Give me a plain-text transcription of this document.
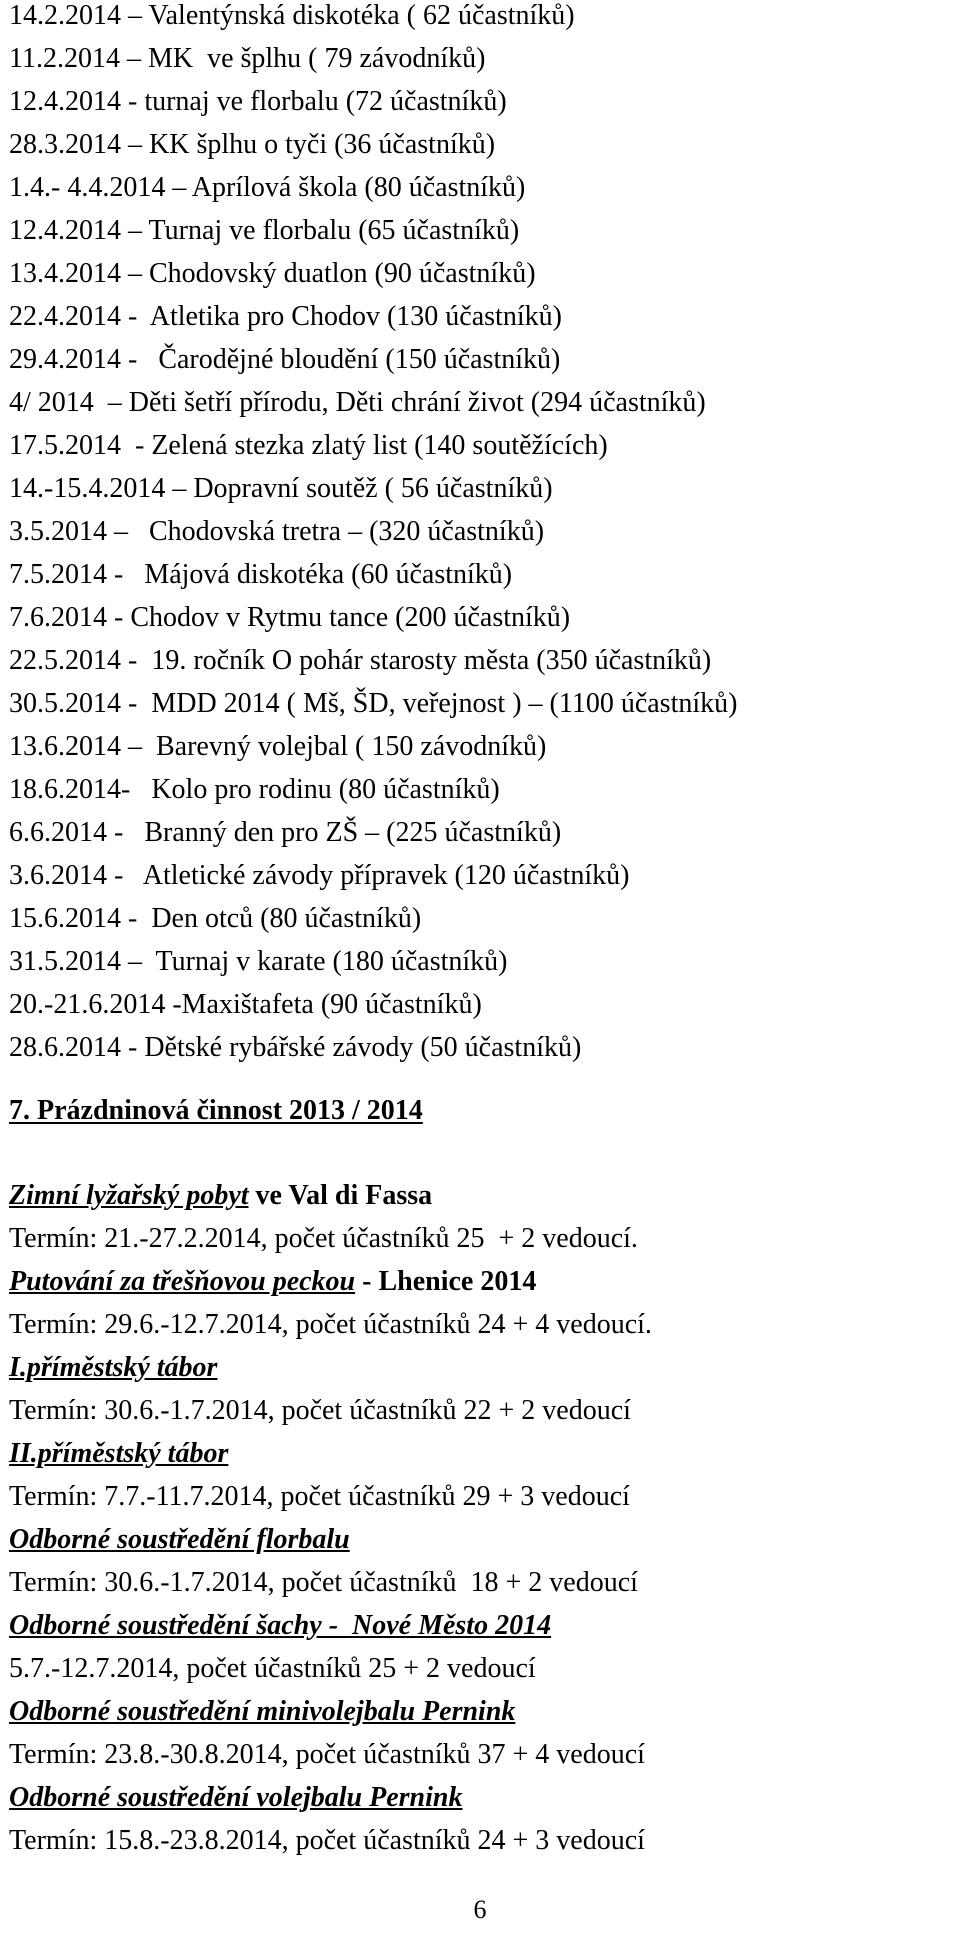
14.2.2014 – Valentýnská diskotéka ( 62 účastníků)
11.2.2014 – MK  ve šplhu ( 79 závodníků)
12.4.2014 - turnaj ve florbalu (72 účastníků)
28.3.2014 – KK šplhu o tyči (36 účastníků)
1.4.- 4.4.2014 – Aprílová škola (80 účastníků)
12.4.2014 – Turnaj ve florbalu (65 účastníků)
13.4.2014 – Chodovský duatlon (90 účastníků)
22.4.2014 -  Atletika pro Chodov (130 účastníků)
29.4.2014 -   Čarodějné bloudění (150 účastníků)
4/ 2014  – Děti šetří přírodu, Děti chrání život (294 účastníků)
17.5.2014  - Zelená stezka zlatý list (140 soutěžících)
14.-15.4.2014 – Dopravní soutěž ( 56 účastníků)
3.5.2014 –   Chodovská tretra – (320 účastníků)
7.5.2014 -   Májová diskotéka (60 účastníků)
7.6.2014 - Chodov v Rytmu tance (200 účastníků)
22.5.2014 -  19. ročník O pohár starosty města (350 účastníků)
30.5.2014 -  MDD 2014 ( Mš, ŠD, veřejnost ) – (1100 účastníků)
13.6.2014 –  Barevný volejbal ( 150 závodníků)
18.6.2014-   Kolo pro rodinu (80 účastníků)
6.6.2014 -   Branný den pro ZŠ – (225 účastníků)
3.6.2014 -   Atletické závody přípravek (120 účastníků)
15.6.2014 -  Den otců (80 účastníků)
31.5.2014 –  Turnaj v karate (180 účastníků)
20.-21.6.2014 -Maxištafeta (90 účastníků)
28.6.2014 - Dětské rybářské závody (50 účastníků)
7. Prázdninová činnost 2013 / 2014
Zimní lyžařský pobyt ve Val di Fassa
Termín: 21.-27.2.2014, počet účastníků 25  + 2 vedoucí.
Putování za třešňovou peckou - Lhenice 2014
Termín: 29.6.-12.7.2014, počet účastníků 24 + 4 vedoucí.
I.příměstský tábor
Termín: 30.6.-1.7.2014, počet účastníků 22 + 2 vedoucí
II.příměstský tábor
Termín: 7.7.-11.7.2014, počet účastníků 29 + 3 vedoucí
Odborné soustředění florbalu
Termín: 30.6.-1.7.2014, počet účastníků  18 + 2 vedoucí
Odborné soustředění šachy -  Nové Město 2014
5.7.-12.7.2014, počet účastníků 25 + 2 vedoucí
Odborné soustředění minivolejbalu Pernink
Termín: 23.8.-30.8.2014, počet účastníků 37 + 4 vedoucí
Odborné soustředění volejbalu Pernink
Termín: 15.8.-23.8.2014, počet účastníků 24 + 3 vedoucí
6
